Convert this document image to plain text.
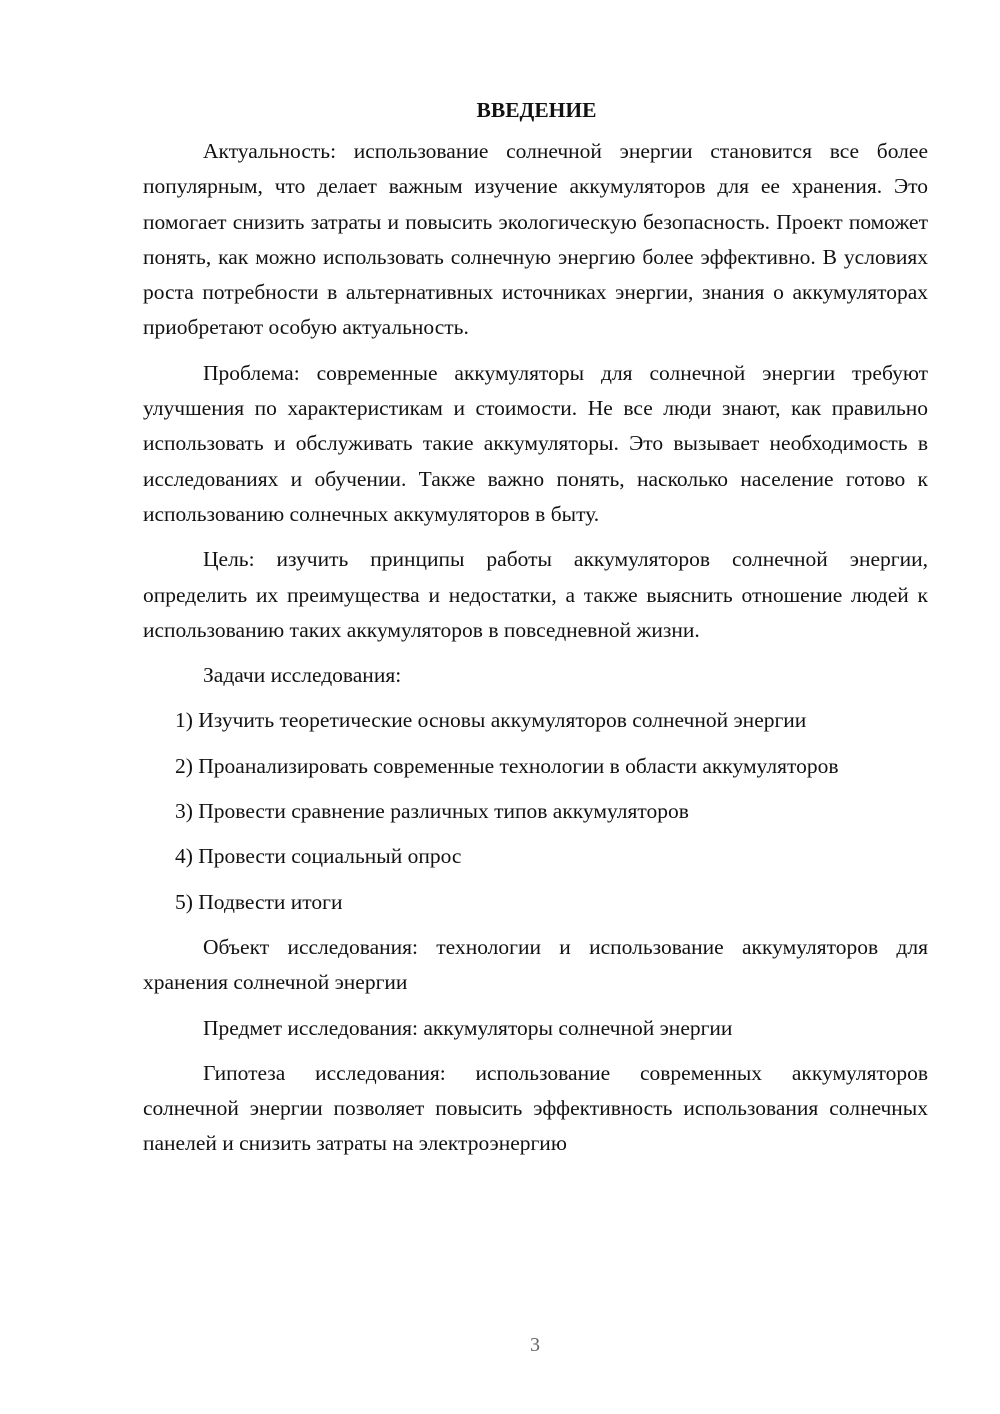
ВВЕДЕНИЕ

Актуальность: использование солнечной энергии становится все более популярным, что делает важным изучение аккумуляторов для ее хранения. Это помогает снизить затраты и повысить экологическую безопасность. Проект поможет понять, как можно использовать солнечную энергию более эффективно. В условиях роста потребности в альтернативных источниках энергии, знания о аккумуляторах приобретают особую актуальность.

Проблема: современные аккумуляторы для солнечной энергии требуют улучшения по характеристикам и стоимости. Не все люди знают, как правильно использовать и обслуживать такие аккумуляторы. Это вызывает необходимость в исследованиях и обучении. Также важно понять, насколько население готово к использованию солнечных аккумуляторов в быту.

Цель: изучить принципы работы аккумуляторов солнечной энергии, определить их преимущества и недостатки, а также выяснить отношение людей к использованию таких аккумуляторов в повседневной жизни.

Задачи исследования:

1) Изучить теоретические основы аккумуляторов солнечной энергии

2) Проанализировать современные технологии в области аккумуляторов

3) Провести сравнение различных типов аккумуляторов

4) Провести социальный опрос

5) Подвести итоги

Объект исследования: технологии и использование аккумуляторов для хранения солнечной энергии

Предмет исследования: аккумуляторы солнечной энергии

Гипотеза исследования: использование современных аккумуляторов солнечной энергии позволяет повысить эффективность использования солнечных панелей и снизить затраты на электроэнергию

3
